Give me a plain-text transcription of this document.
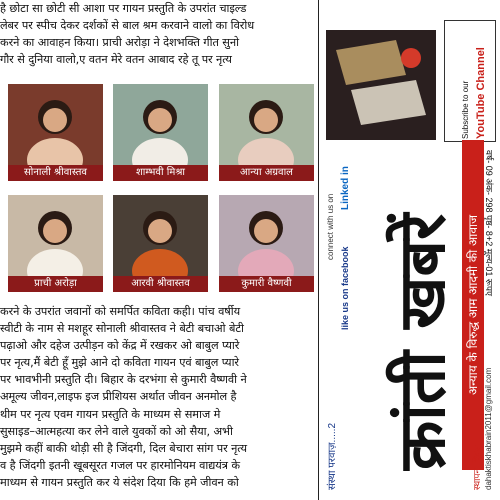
है छोटा सा छोटी सी आशा पर गायन प्रस्तुति के उपरांत चाइल्ड
लेबर पर स्पीच देकर दर्शकों से बाल श्रम करवाने वालो का विरोध
करने का आवाहन किया। प्राची अरोड़ा ने देशभक्ति गीत सुनो
गौर से दुनिया वालो,ए वतन मेरे वतन आबाद रहे तू पर नृत्य
सोनाली श्रीवास्तव	शाम्भवी मिश्रा	आन्या अग्रवाल
प्राची अरोड़ा	आरवी श्रीवास्तव	कुमारी वैष्णवी
करने के उपरांत जवानों को समर्पित कविता कही। पांच वर्षीय
स्वीटी के नाम से मशहूर सोनाली श्रीवास्तव ने बेटी बचाओ बेटी
पढ़ाओ और दहेज उत्पीड़न को केंद्र में रखकर ओ बाबुल प्यारे
पर नृत्य,मैं बेटी हूँ मुझे आने दो कविता गायन एवं बाबुल प्यारे
पर भावभीनी प्रस्तुति दी। बिहार के दरभंगा से कुमारी वैष्णवी ने
अमूल्य जीवन,लाइफ इज प्रीशियस अर्थात जीवन अनमोल है
थीम पर नृत्य एवम गायन प्रस्तुति के माध्यम से समाज मे
सुसाइड–आत्महत्या कर लेने वाले युवकों को ओ सैया, अभी
मुझमे कहीं बाकी थोड़ी सी है जिंदगी, दिल बेचारा सांग पर नृत्य
व है जिंदगी इतनी खूबसूरत गजल पर हारमोनियम वाद्ययंत्र के
माध्यम से गायन प्रस्तुति कर ये संदेश दिया कि हमे जीवन को
Subscribe to our YouTube Channel
वर्ष- 09 अंक- 298 पृष्ठ- 8+2 मूल्य-01 रूपए
संस्था परवाज़.....2
like us on facebook
Linked in
connect with us on क्रांती खबरें अन्याय के विरुद्ध आम आदमी की आवाज
dahaktiskhabrain2011@gmail.com
स्थापना दिवस
